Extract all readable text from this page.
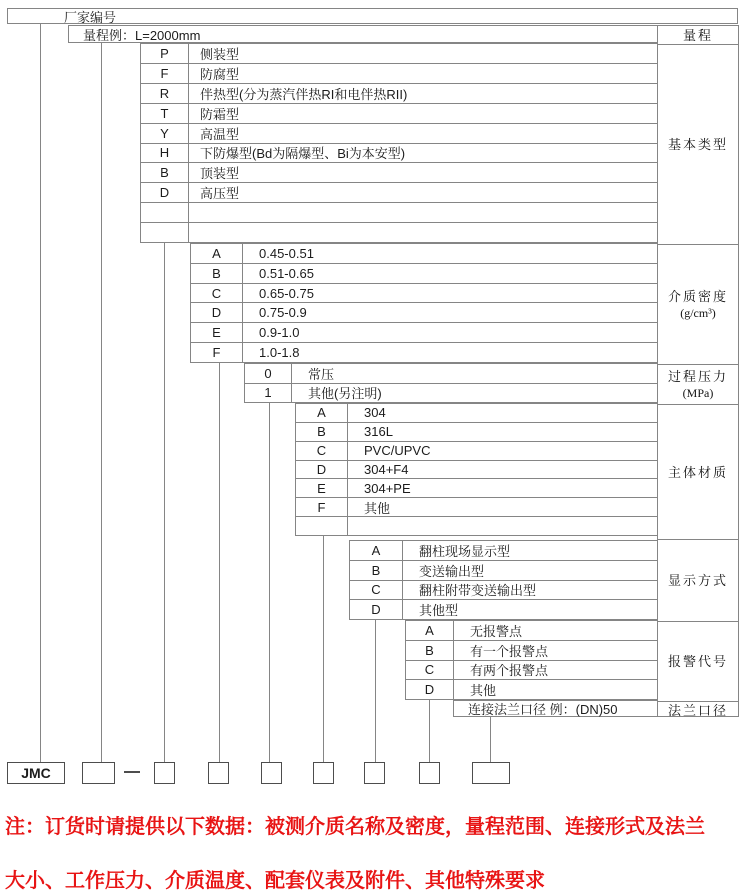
厂家编号
量程例：L=2000mm
P	侧装型
F	防腐型
R	伴热型(分为蒸汽伴热RI和电伴热RII)
T	防霜型
Y	高温型
H	下防爆型(Bd为隔爆型、Bi为本安型)
B	顶装型
D	高压型
A	0.45-0.51
B	0.51-0.65
C	0.65-0.75
D	0.75-0.9
E	0.9-1.0
F	1.0-1.8
0	常压
1	其他(另注明)
A	304
B	316L
C	PVC/UPVC
D	304+F4
E	304+PE
F	其他
A	翻柱现场显示型
B	变送输出型
C	翻柱附带变送输出型
D	其他型
A	无报警点
B	有一个报警点
C	有两个报警点
D	其他
连接法兰口径 例：(DN)50
量程
基本类型
介质密度
(g/cm³)
过程压力
(MPa)
主体材质
显示方式
报警代号
法兰口径
JMC

注：订货时请提供以下数据：被测介质名称及密度，量程范围、连接形式及法兰

大小、工作压力、介质温度、配套仪表及附件、其他特殊要求
